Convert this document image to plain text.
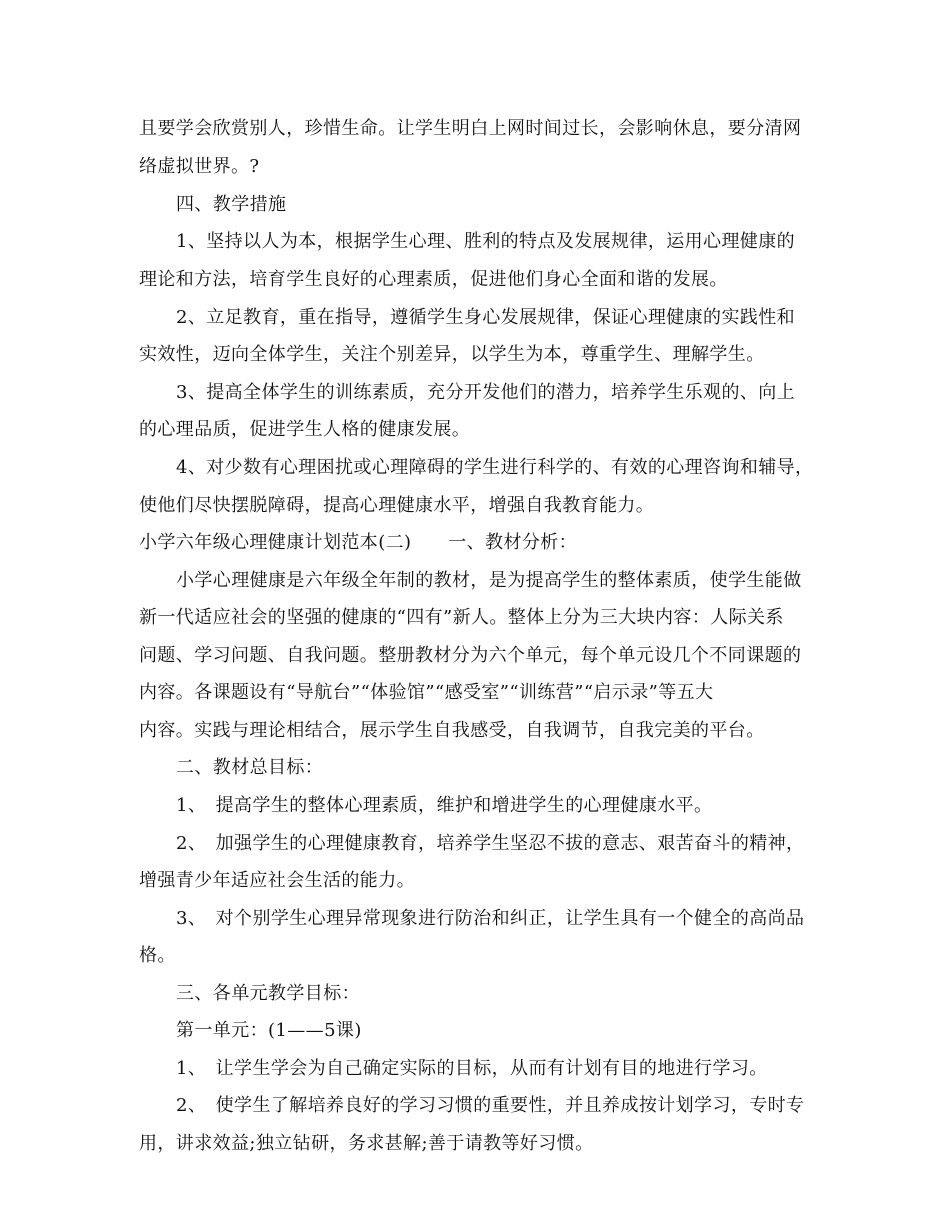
且要学会欣赏别人，珍惜生命。让学生明白上网时间过长，会影响休息，要分清网
络虚拟世界。?
四、教学措施
1、坚持以人为本，根据学生心理、胜利的特点及发展规律，运用心理健康的
理论和方法，培育学生良好的心理素质，促进他们身心全面和谐的发展。
2、立足教育，重在指导，遵循学生身心发展规律，保证心理健康的实践性和
实效性，迈向全体学生，关注个别差异，以学生为本，尊重学生、理解学生。
3、提高全体学生的训练素质，充分开发他们的潜力，培养学生乐观的、向上
的心理品质，促进学生人格的健康发展。
4、对少数有心理困扰或心理障碍的学生进行科学的、有效的心理咨询和辅导，
使他们尽快摆脱障碍，提高心理健康水平，增强自我教育能力。
小学六年级心理健康计划范本(二)　　一、教材分析：
小学心理健康是六年级全年制的教材，是为提高学生的整体素质，使学生能做
新一代适应社会的坚强的健康的“四有”新人。整体上分为三大块内容：人际关系
问题、学习问题、自我问题。整册教材分为六个单元，每个单元设几个不同课题的
内容。各课题设有“导航台”“体验馆”“感受室”“训练营”“启示录”等五大
内容。实践与理论相结合，展示学生自我感受，自我调节，自我完美的平台。
二、教材总目标：
1、　提高学生的整体心理素质，维护和增进学生的心理健康水平。
2、　加强学生的心理健康教育，培养学生坚忍不拔的意志、艰苦奋斗的精神，
增强青少年适应社会生活的能力。
3、　对个别学生心理异常现象进行防治和纠正，让学生具有一个健全的高尚品
格。
三、各单元教学目标：
第一单元：(1——5课)
1、　让学生学会为自己确定实际的目标，从而有计划有目的地进行学习。
2、　使学生了解培养良好的学习习惯的重要性，并且养成按计划学习，专时专
用，讲求效益;独立钻研，务求甚解;善于请教等好习惯。
